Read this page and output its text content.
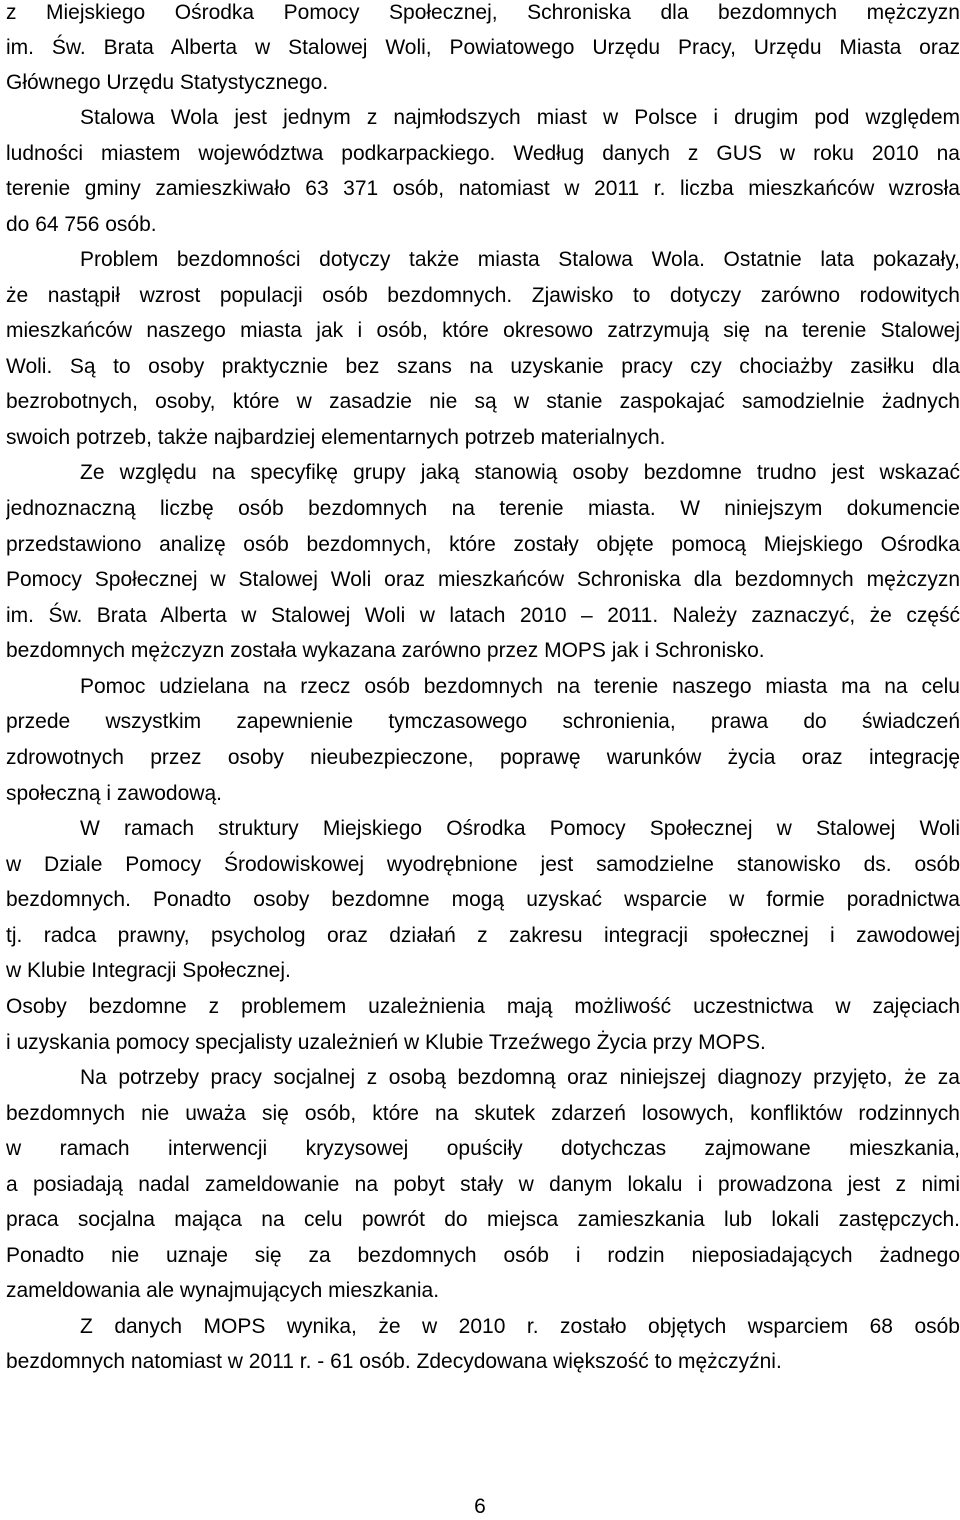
z Miejskiego Ośrodka Pomocy Społecznej, Schroniska dla bezdomnych mężczyzn
im. Św. Brata Alberta w Stalowej Woli, Powiatowego Urzędu Pracy, Urzędu Miasta oraz
Głównego Urzędu Statystycznego.
Stalowa Wola jest jednym z najmłodszych miast w Polsce i drugim pod względem
ludności miastem województwa podkarpackiego. Według danych z GUS w roku 2010 na
terenie gminy zamieszkiwało 63 371 osób, natomiast w 2011 r. liczba mieszkańców wzrosła
do 64 756 osób.
Problem bezdomności dotyczy także miasta Stalowa Wola. Ostatnie lata pokazały,
że nastąpił wzrost populacji osób bezdomnych. Zjawisko to dotyczy zarówno rodowitych
mieszkańców naszego miasta jak i osób, które okresowo zatrzymują się na terenie Stalowej
Woli. Są to osoby praktycznie bez szans na uzyskanie pracy czy chociażby zasiłku dla
bezrobotnych, osoby, które w zasadzie nie są w stanie zaspokajać samodzielnie żadnych
swoich potrzeb, także najbardziej elementarnych potrzeb materialnych.
Ze względu na specyfikę grupy jaką stanowią osoby bezdomne trudno jest wskazać
jednoznaczną liczbę osób bezdomnych na terenie miasta. W niniejszym dokumencie
przedstawiono analizę osób bezdomnych, które zostały objęte pomocą Miejskiego Ośrodka
Pomocy Społecznej w Stalowej Woli oraz mieszkańców Schroniska dla bezdomnych mężczyzn
im. Św. Brata Alberta w Stalowej Woli w latach 2010 – 2011. Należy zaznaczyć, że część
bezdomnych mężczyzn została wykazana zarówno przez MOPS jak i Schronisko.
Pomoc udzielana na rzecz osób bezdomnych na terenie naszego miasta ma na celu
przede wszystkim zapewnienie tymczasowego schronienia, prawa do świadczeń
zdrowotnych przez osoby nieubezpieczone, poprawę warunków życia oraz integrację
społeczną i zawodową.
W ramach struktury Miejskiego Ośrodka Pomocy Społecznej w Stalowej Woli
w Dziale Pomocy Środowiskowej wyodrębnione jest samodzielne stanowisko ds. osób
bezdomnych. Ponadto osoby bezdomne mogą uzyskać wsparcie w formie poradnictwa
tj. radca prawny, psycholog oraz działań z zakresu integracji społecznej i zawodowej
w Klubie Integracji Społecznej.
Osoby bezdomne z problemem uzależnienia mają możliwość uczestnictwa w zajęciach
i uzyskania pomocy specjalisty uzależnień w Klubie Trzeźwego Życia przy MOPS.
Na potrzeby pracy socjalnej z osobą bezdomną oraz niniejszej diagnozy przyjęto, że za
bezdomnych nie uważa się osób, które na skutek zdarzeń losowych, konfliktów rodzinnych
w ramach interwencji kryzysowej opuściły dotychczas zajmowane mieszkania,
a posiadają nadal zameldowanie na pobyt stały w danym lokalu i prowadzona jest z nimi
praca socjalna mająca na celu powrót do miejsca zamieszkania lub lokali zastępczych.
Ponadto nie uznaje się za bezdomnych osób i rodzin nieposiadających żadnego
zameldowania ale wynajmujących mieszkania.
Z danych MOPS wynika, że w 2010 r. zostało objętych wsparciem 68 osób
bezdomnych natomiast w 2011 r. - 61 osób. Zdecydowana większość to mężczyźni.
6
